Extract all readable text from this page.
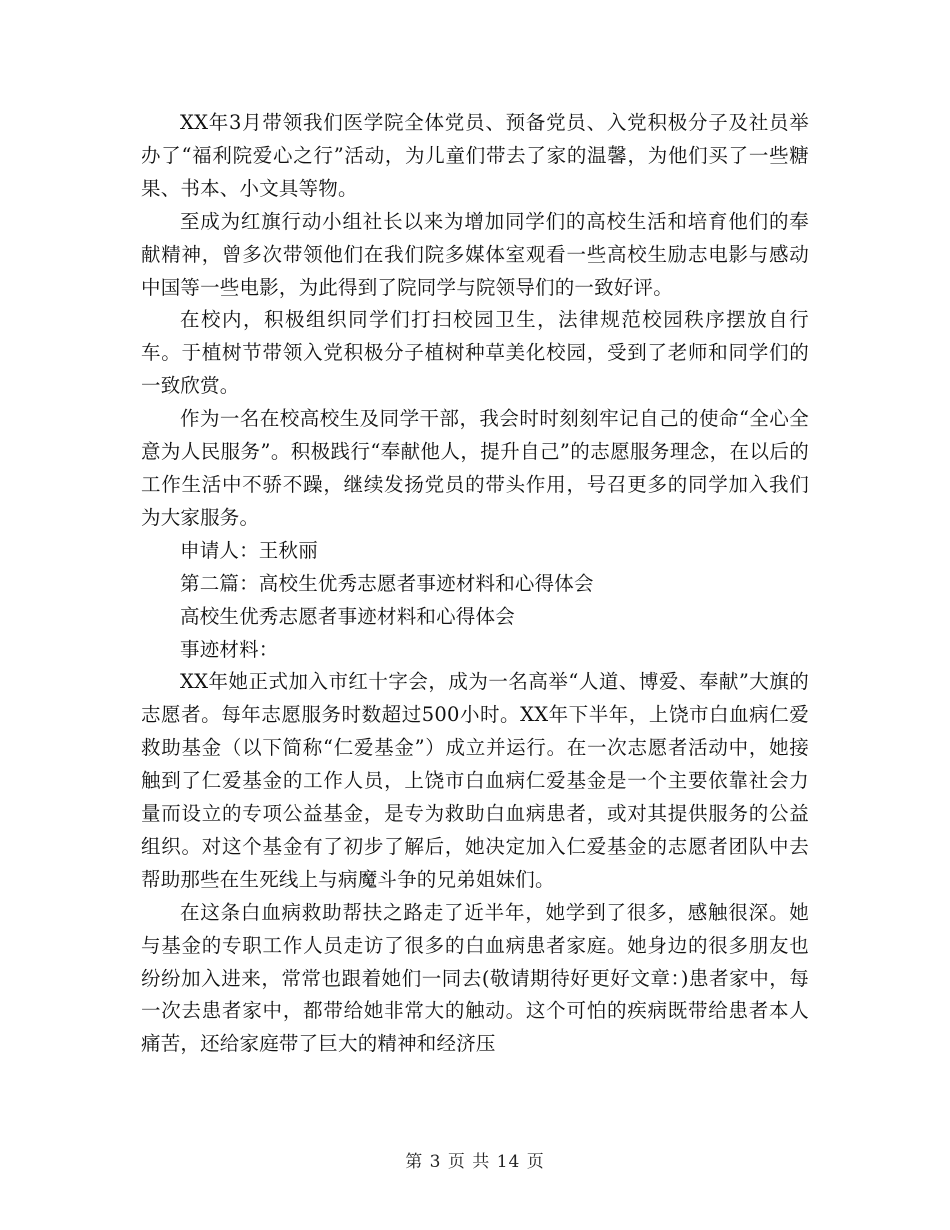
XX年3月带领我们医学院全体党员、预备党员、入党积极分子及社员举办了“福利院爱心之行”活动，为儿童们带去了家的温馨，为他们买了一些糖果、书本、小文具等物。

至成为红旗行动小组社长以来为增加同学们的高校生活和培育他们的奉献精神，曾多次带领他们在我们院多媒体室观看一些高校生励志电影与感动中国等一些电影，为此得到了院同学与院领导们的一致好评。

在校内，积极组织同学们打扫校园卫生，法律规范校园秩序摆放自行车。于植树节带领入党积极分子植树种草美化校园，受到了老师和同学们的一致欣赏。

作为一名在校高校生及同学干部，我会时时刻刻牢记自己的使命“全心全意为人民服务”。积极践行“奉献他人，提升自己”的志愿服务理念，在以后的工作生活中不骄不躁，继续发扬党员的带头作用，号召更多的同学加入我们为大家服务。

申请人：王秋丽

第二篇：高校生优秀志愿者事迹材料和心得体会

高校生优秀志愿者事迹材料和心得体会

事迹材料：

XX年她正式加入市红十字会，成为一名高举“人道、博爱、奉献”大旗的志愿者。每年志愿服务时数超过500小时。XX年下半年，上饶市白血病仁爱救助基金（以下简称“仁爱基金”）成立并运行。在一次志愿者活动中，她接触到了仁爱基金的工作人员，上饶市白血病仁爱基金是一个主要依靠社会力量而设立的专项公益基金，是专为救助白血病患者，或对其提供服务的公益组织。对这个基金有了初步了解后，她决定加入仁爱基金的志愿者团队中去帮助那些在生死线上与病魔斗争的兄弟姐妹们。

在这条白血病救助帮扶之路走了近半年，她学到了很多，感触很深。她与基金的专职工作人员走访了很多的白血病患者家庭。她身边的很多朋友也纷纷加入进来，常常也跟着她们一同去(敬请期待好更好文章：)患者家中，每一次去患者家中，都带给她非常大的触动。这个可怕的疾病既带给患者本人痛苦，还给家庭带了巨大的精神和经济压

第 3 页 共 14 页
